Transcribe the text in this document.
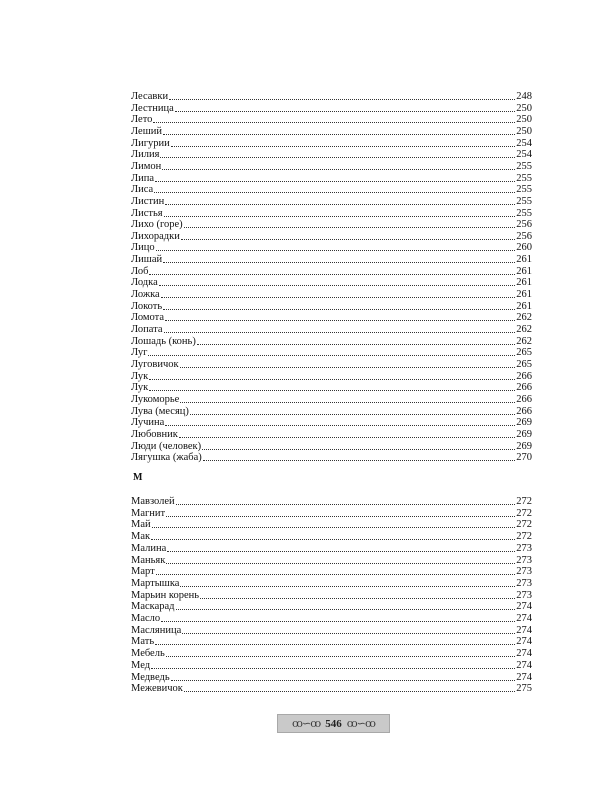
Лесавки	248
Лестница	250
Лето	250
Леший	250
Лигурии	254
Лилия	254
Лимон	255
Липа	255
Лиса	255
Листин	255
Листья	255
Лихо (горе)	256
Лихорадки	256
Лицо	260
Лишай	261
Лоб	261
Лодка	261
Ложка	261
Локоть	261
Ломота	262
Лопата	262
Лошадь (конь)	262
Луг	265
Луговичок	265
Лук	266
Лук	266
Лукоморье	266
Лува (месяц)	266
Лучина	269
Любовник	269
Люди (человек)	269
Лягушка (жаба)	270
М
Мавзолей	272
Магнит	272
Май	272
Мак	272
Малина	273
Маньяк	273
Март	273
Мартышка	273
Марьин корень	273
Маскарад	274
Масло	274
Масляница	274
Мать	274
Мебель	274
Мед	274
Медведь	274
Межевичок	275
ꝏ∽ꝏ 546 ꝏ∽ꝏ
